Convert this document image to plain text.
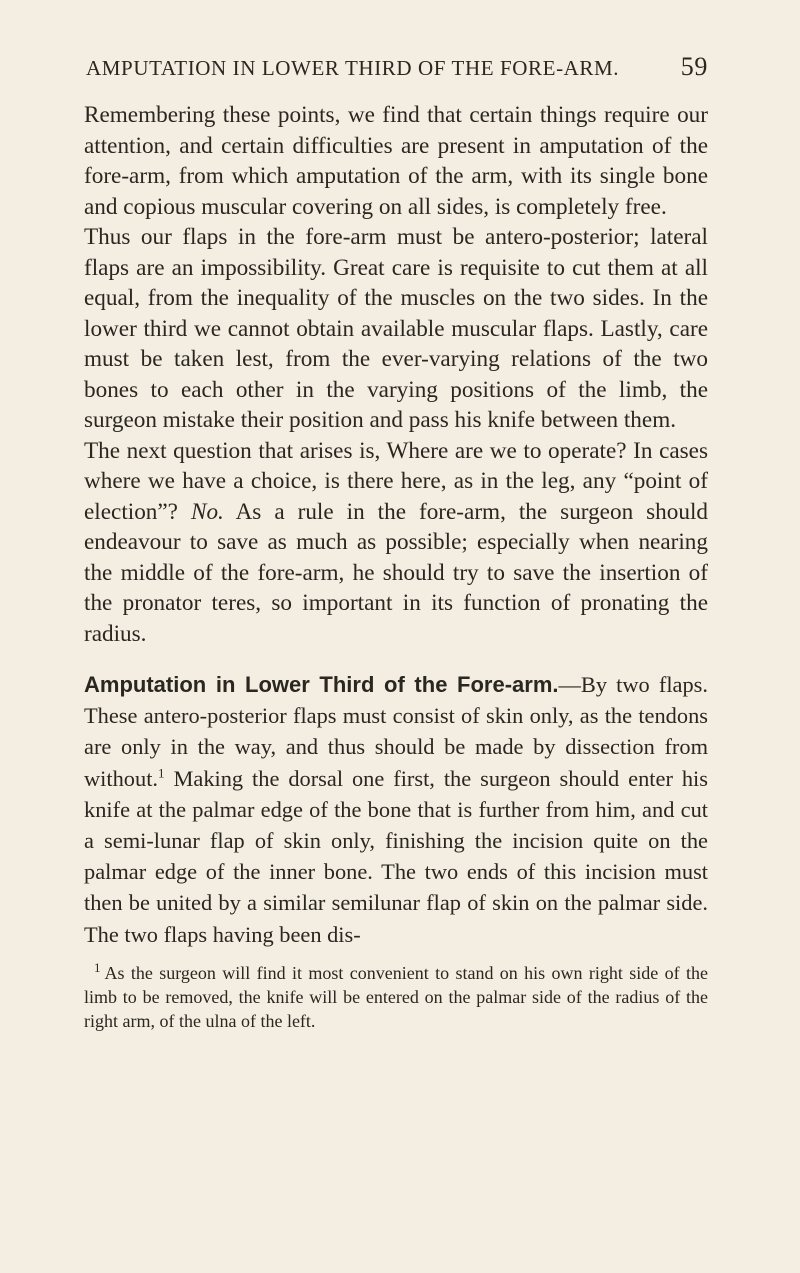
AMPUTATION IN LOWER THIRD OF THE FORE-ARM. 59

Remembering these points, we find that certain things require our attention, and certain difficulties are present in amputation of the fore-arm, from which amputation of the arm, with its single bone and copious muscular covering on all sides, is completely free.

Thus our flaps in the fore-arm must be antero-posterior; lateral flaps are an impossibility. Great care is requisite to cut them at all equal, from the inequality of the muscles on the two sides. In the lower third we cannot obtain available muscular flaps. Lastly, care must be taken lest, from the ever-varying relations of the two bones to each other in the varying positions of the limb, the surgeon mistake their position and pass his knife between them.

The next question that arises is, Where are we to operate? In cases where we have a choice, is there here, as in the leg, any “point of election”? No. As a rule in the fore-arm, the surgeon should endeavour to save as much as possible; especially when nearing the middle of the fore-arm, he should try to save the insertion of the pronator teres, so important in its function of pronating the radius.

Amputation in Lower Third of the Fore-arm.—By two flaps. These antero-posterior flaps must consist of skin only, as the tendons are only in the way, and thus should be made by dissection from without.$^1$ Making the dorsal one first, the surgeon should enter his knife at the palmar edge of the bone that is further from him, and cut a semi-lunar flap of skin only, finishing the incision quite on the palmar edge of the inner bone. The two ends of this incision must then be united by a similar semilunar flap of skin on the palmar side. The two flaps having been dis-
$^1$ As the surgeon will find it most convenient to stand on his own right side of the limb to be removed, the knife will be entered on the palmar side of the radius of the right arm, of the ulna of the left.
